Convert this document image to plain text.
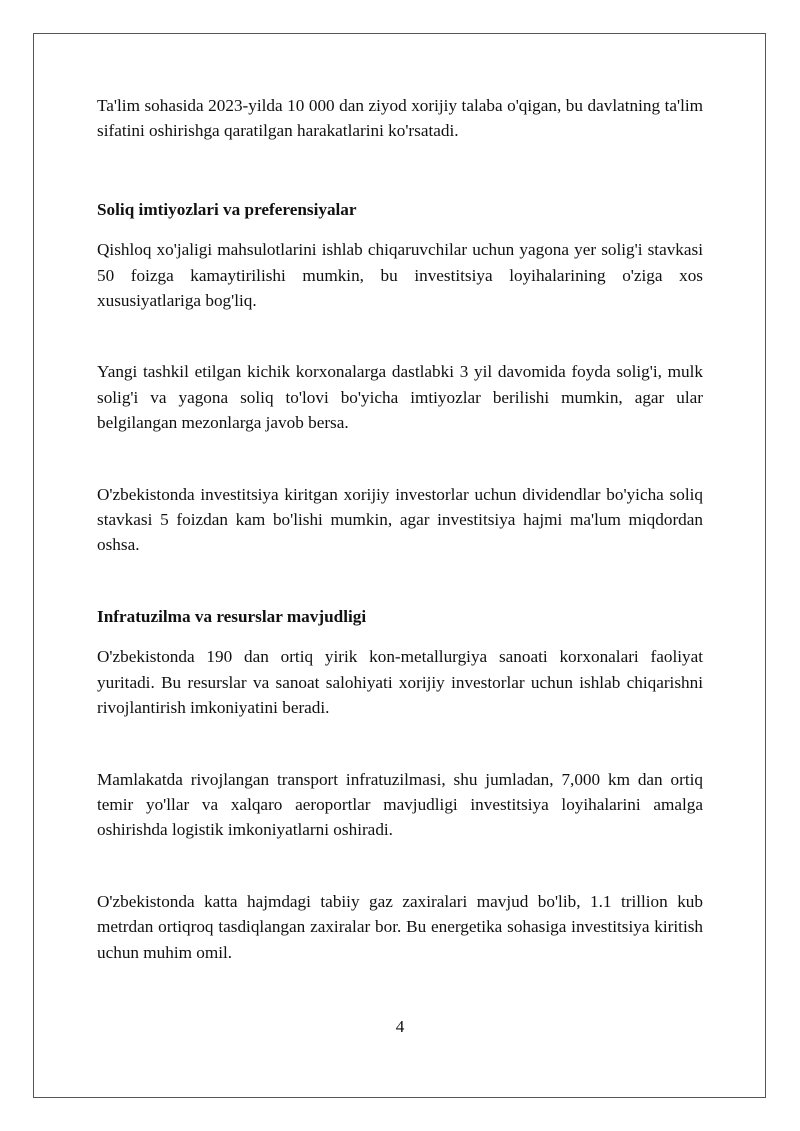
Ta'lim sohasida 2023-yilda 10 000 dan ziyod xorijiy talaba o'qigan, bu davlatning ta'lim sifatini oshirishga qaratilgan harakatlarini ko'rsatadi.

Soliq imtiyozlari va preferensiyalar

Qishloq xo'jaligi mahsulotlarini ishlab chiqaruvchilar uchun yagona yer solig'i stavkasi 50 foizga kamaytirilishi mumkin, bu investitsiya loyihalarining o'ziga xos xususiyatlariga bog'liq.

Yangi tashkil etilgan kichik korxonalarga dastlabki 3 yil davomida foyda solig'i, mulk solig'i va yagona soliq to'lovi bo'yicha imtiyozlar berilishi mumkin, agar ular belgilangan mezonlarga javob bersa.

O'zbekistonda investitsiya kiritgan xorijiy investorlar uchun dividendlar bo'yicha soliq stavkasi 5 foizdan kam bo'lishi mumkin, agar investitsiya hajmi ma'lum miqdordan oshsa.

Infratuzilma va resurslar mavjudligi

O'zbekistonda 190 dan ortiq yirik kon-metallurgiya sanoati korxonalari faoliyat yuritadi. Bu resurslar va sanoat salohiyati xorijiy investorlar uchun ishlab chiqarishni rivojlantirish imkoniyatini beradi.

Mamlakatda rivojlangan transport infratuzilmasi, shu jumladan, 7,000 km dan ortiq temir yo'llar va xalqaro aeroportlar mavjudligi investitsiya loyihalarini amalga oshirishda logistik imkoniyatlarni oshiradi.

O'zbekistonda katta hajmdagi tabiiy gaz zaxiralari mavjud bo'lib, 1.1 trillion kub metrdan ortiqroq tasdiqlangan zaxiralar bor. Bu energetika sohasiga investitsiya kiritish uchun muhim omil.

4
